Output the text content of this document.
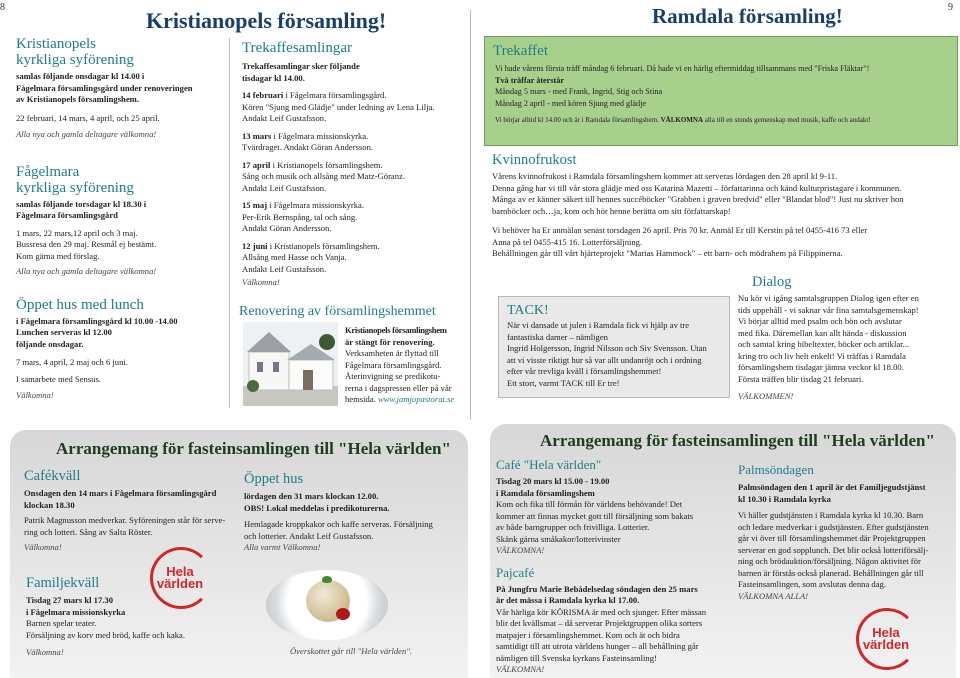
8	9
Kristianopels församling!	Ramdala församling!
Kristianopels
kyrkliga syförening

samlas följande onsdagar kl 14.00 i

Fågelmara församlingsgård under renoveringen

av Kristianopels församlingshem.

22 februari, 14 mars, 4 april, och 25 april.

Alla nya och gamla deltagare välkomna!

Fågelmara
kyrkliga syförening

samlas följande torsdagar kl 18.30 i

Fågelmara församlingsgård

1 mars, 22 mars,12 april och 3 maj.

Bussresa den 29 maj. Resmål ej bestämt.

Kom gärna med förslag.

Alla nya och gamla deltagare välkomna!

Öppet hus med lunch

i Fågelmara församlingsgård kl 10.00 -14.00

Lunchen serveras kl 12.00

följande onsdagar.

7 mars, 4 april, 2 maj och 6 juni.

I samarbete med Sensus.

Välkomna!

Trekaffesamlingar

Trekaffesamlingar sker följande

tisdagar kl 14.00.

14 februari i Fågelmara församlingsgård.

Kören "Sjung med Glädje" under ledning av Lena Lilja.

Andakt Leif Gustafsson.

13 mars i Fågelmara missionskyrka.

Tvärdraget. Andakt Göran Andersson.

17 april i Kristianopels församlingshem.

Sång och musik och allsång med Matz-Göranz.

Andakt Leif Gustafsson.

15 maj i Fågelmara missionskyrka.

Per-Erik Bernspång, tal och sång.

Andakt Göran Andersson.

12 juni i Kristianopels församlingshem.

Allsång med Hasse och Vanja.

Andakt Leif Gustafsson.

Välkomna!

Renovering av församlingshemmet

Kristianopels församlingshem

är stängt för renovering.

Verksamheten är flyttad till

Fågelmara församlingsgård.

Återinvigning se predikotu-

rerna i dagspressen eller på vår

hemsida. www.jamjopastorat.se

Trekaffet

Vi hade vårens första träff måndag 6 februari. Då hade vi en härlig eftermiddag tillsammans med "Friska Fläktar"!

Två träffar återstår

Måndag 5 mars - med Frank, Ingrid, Stig och Stina

Måndag 2 april - med kören Sjung med glädje

Vi börjar alltid kl 14.00 och är i Ramdala församlingshem. VÄLKOMNA alla till en stunds gemenskap med musik, kaffe och andakt!

Kvinnofrukost

Vårens kvinnofrukost i Ramdala församlingshem kommer att serveras lördagen den 28 april kl 9-11.

Denna gång har vi till vår stora glädje med oss Katarina Mazetti – författarinna och känd kulturpristagare i kommunen.

Många av er känner säkert till hennes succéböcker "Grabben i graven bredvid" eller "Blandat blod"! Just nu skriver hon

barnböcker och…ja, kom och hör henne berätta om sitt författarskap!

Vi behöver ha Er anmälan senast torsdagen 26 april. Pris 70 kr. Anmäl Er till Kerstin på tel 0455-416 73 eller

Anna på tel 0455-415 16. Lotterförsäljning.

Behållningen går till vårt hjärteprojekt "Marias Hammock" – ett barn- och mödrahem på Filippinerna.

TACK!

När vi dansade ut julen i Ramdala fick vi hjälp av tre

fantastiska damer – nämligen

Ingrid Holgersson, Ingrid Nilsson och Siv Svensson. Utan

att vi visste riktigt hur så var allt undanröjt och i ordning

efter vår trevliga kväll i församlingshemmet!

Ett stort, varmt TACK till Er tre!

Dialog

Nu kör vi igång samtalsgruppen Dialog igen efter en

tids uppehåll - vi saknar vår fina samtalsgemenskap!

Vi börjar alltid med psalm och bön och avslutar

med fika. Däremellan kan allt hända - diskussion

och samtal kring bibeltexter, böcker och artiklar...

kring tro och liv helt enkelt! Vi träffas i Ramdala

församlingshem tisdagar jämna veckor kl 18.00.

Första träffen blir tisdag 21 februari.

VÄLKOMMEN!

Arrangemang för fasteinsamlingen till "Hela världen"
Cafékväll

Onsdagen den 14 mars i Fågelmara församlingsgård

klockan 18.30

Patrik Magnusson medverkar. Syföreningen står för serve-

ring och lotteri. Sång av Salta Röster.

Välkomna!

Familjekväll

Tisdag 27 mars kl 17.30

i Fågelmara missionskyrka

Barnen spelar teater.

Försäljning av korv med bröd, kaffe och kaka.

Välkomna!

Hela
världen
Öppet hus

lördagen den 31 mars klockan 12.00.

OBS! Lokal meddelas i predikoturerna.

Hemlagade kroppkakor och kaffe serveras. Försäljning

och lotterier. Andakt Leif Gustafsson.

Alla varmt Välkomna!

Överskottet går till "Hela världen".
Arrangemang för fasteinsamlingen till "Hela världen"
Café "Hela världen"

Tisdag 20 mars kl 15.00 - 19.00

i Ramdala församlingshem

Kom och fika till förmån för världens behövande! Det

kommer att finnas mycket gott till försäljning som bakats

av både barngrupper och frivilliga. Lotterier.

Skänk gärna småkakor/lotterivinster

VÄLKOMNA!

Pajcafé

På Jungfru Marie Bebådelsedag söndagen den 25 mars

är det mässa i Ramdala kyrka kl 17.00.

Vår härliga kör KÖRISMA är med och sjunger. Efter mässan

blir det kvällsmat – då serverar Projektgruppen olika sorters

matpajer i församlingshemmet. Kom och ät och bidra

samtidigt till att utrota världens hunger – all behållning går

nämligen till Svenska kyrkans Fasteinsamling!

VÄLKOMNA!

Palmsöndagen

Palmsöndagen den 1 april är det Familjegudstjänst

kl 10.30 i Ramdala kyrka

Vi häller gudstjänsten i Ramdala kyrka kl 10.30. Barn

och ledare medverkar i gudstjänsten. Efter gudstjänsten

går vi över till församlingshemmet där Projektgruppen

serverar en god sopplunch. Det blir också lotteriförsälj-

ning och brödauktion/försäljning. Någon aktivitet för

barnen är förstås också planerad. Behållningen går till

Fasteinsamlingen, som avslutas denna dag.

VÄLKOMNA ALLA!

Hela
världen
